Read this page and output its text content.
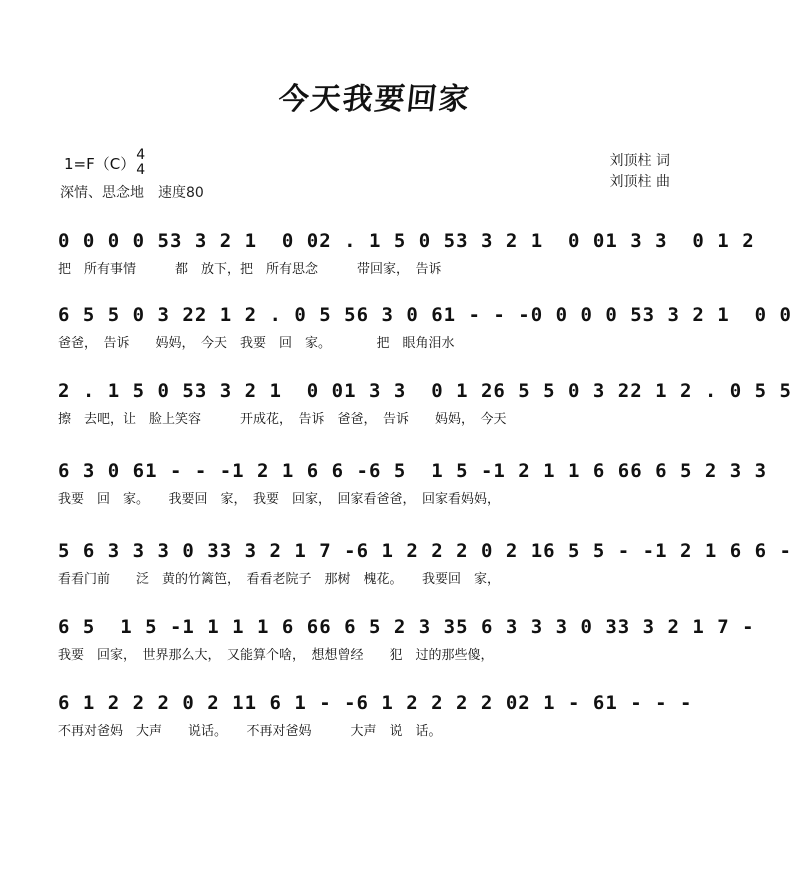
今天我要回家
1=F（C） 4
4
深情、思念地　速度80
刘顶柱 词
刘顶柱 曲
0 0 0 0 5 3 3 2 1  0 0 2 . 1 5 0 5 3 3 2 1  0 0 1 3 3  0 1 2
把　所有事情　　　都　放下，把　所有思念　　　带回家，　告诉
6 5 5 0 3 2 2 1 2 . 0 5 5 6 3 0 6 1 - - - 0 0 0 0 5 3 3 2 1  0 0
爸爸，　告诉　　妈妈，　今天　我要　回　家。　　　　把　眼角泪水
2 . 1 5 0 5 3 3 2 1  0 0 1 3 3  0 1 2 6 5 5 0 3 2 2 1 2 . 0 5 5
擦　去吧，让　脸上笑容　　　开成花，　告诉　爸爸，　告诉　　妈妈，　今天
6 3 0 6 1 - - - 1 2 1 6 6 - 6 5  1 5 - 1 2 1 1 6 6 6 6 5 2 3 3
我要　回　家。　　我要回　家，　我要　回家，　回家看爸爸，　回家看妈妈，
5 6 3 3 3 0 3 3 3 2 1 7 - 6 1 2 2 2 0 2 1 6 5 5 - - 1 2 1 6 6 -
看看门前　　泛　黄的竹篱笆，　看看老院子　那树　槐花。　　我要回　家，
6 5  1 5 - 1 1 1 1 6 6 6 6 5 2 3 3 5 6 3 3 3 0 3 3 3 2 1 7 -
我要　回家，　世界那么大，　又能算个啥，　想想曾经　　犯　过的那些傻，
6 1 2 2 2 0 2 1 1 6 1 - - 6 1 2 2 2 2 0 2 1 - 6 1 - - -
不再对爸妈　大声　　说话。　　不再对爸妈　　　大声　说　话。
